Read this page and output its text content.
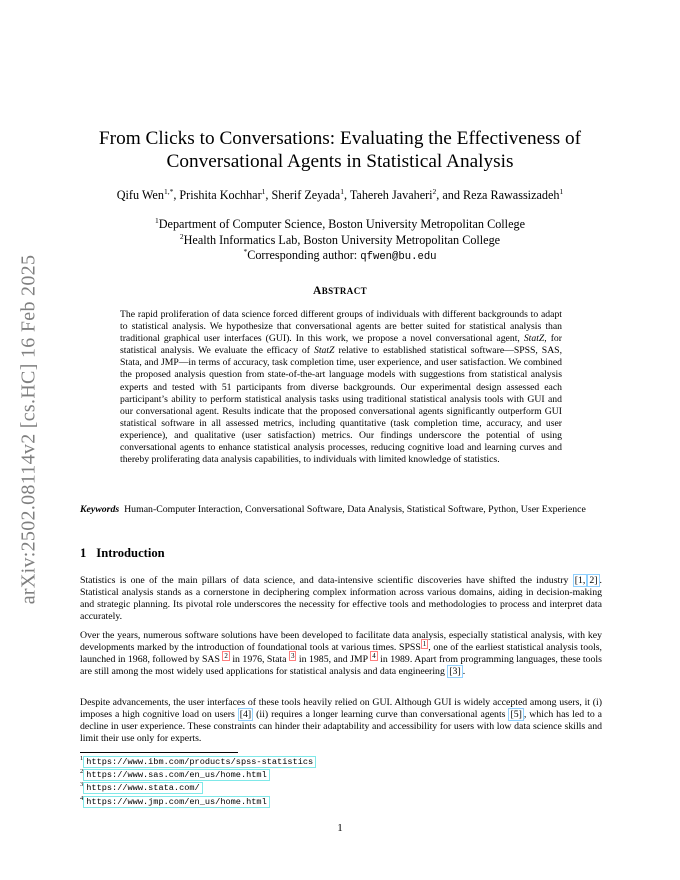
arXiv:2502.08114v2 [cs.HC] 16 Feb 2025
From Clicks to Conversations: Evaluating the Effectiveness of
Conversational Agents in Statistical Analysis
Qifu Wen$^{1,*}$, Prishita Kochhar$^1$, Sherif Zeyada$^1$, Tahereh Javaheri$^2$, and Reza Rawassizadeh$^1$
$^1$Department of Computer Science, Boston University Metropolitan College
$^2$Health Informatics Lab, Boston University Metropolitan College
*Corresponding author: qfwen@bu.edu
ABSTRACT
The rapid proliferation of data science forced different groups of individuals with different backgrounds to adapt to statistical analysis. We hypothesize that conversational agents are better suited for statistical analysis than traditional graphical user interfaces (GUI). In this work, we propose a novel conversational agent, StatZ, for statistical analysis. We evaluate the efficacy of StatZ relative to established statistical software—SPSS, SAS, Stata, and JMP—in terms of accuracy, task completion time, user experience, and user satisfaction. We combined the proposed analysis question from state-of-the-art language models with suggestions from statistical analysis experts and tested with 51 participants from diverse backgrounds. Our experimental design assessed each participant’s ability to perform statistical analysis tasks using traditional statistical analysis tools with GUI and our conversational agent. Results indicate that the proposed conversational agents significantly outperform GUI statistical software in all assessed metrics, including quantitative (task completion time, accuracy, and user experience), and qualitative (user satisfaction) metrics. Our findings underscore the potential of using conversational agents to enhance statistical analysis processes, reducing cognitive load and learning curves and thereby proliferating data analysis capabilities, to individuals with limited knowledge of statistics.
Keywords Human-Computer Interaction, Conversational Software, Data Analysis, Statistical Software, Python, User Experience
1 Introduction
Statistics is one of the main pillars of data science, and data-intensive scientific discoveries have shifted the industry [1, 2] . Statistical analysis stands as a cornerstone in deciphering complex information across various domains, aiding in decision-making and strategic planning. Its pivotal role underscores the necessity for effective tools and methodologies to process and interpret data accurately.
Over the years, numerous software solutions have been developed to facilitate data analysis, especially statistical analysis, with key developments marked by the introduction of foundational tools at various times. SPSS $^1$ , one of the earliest statistical analysis tools, launched in 1968, followed by SAS $^2$ in 1976, Stata $^3$ in 1985, and JMP $^4$ in 1989. Apart from programming languages, these tools are still among the most widely used applications for statistical analysis and data engineering [3] .
Despite advancements, the user interfaces of these tools heavily relied on GUI. Although GUI is widely accepted among users, it (i) imposes a high cognitive load on users [4] (ii) requires a longer learning curve than conversational agents [5] , which has led to a decline in user experience. These constraints can hinder their adaptability and accessibility for users with low data science skills and limit their use only for experts.
$^1$ https://www.ibm.com/products/spss-statistics
$^2$ https://www.sas.com/en_us/home.html
$^3$ https://www.stata.com/
$^4$ https://www.jmp.com/en_us/home.html
1
